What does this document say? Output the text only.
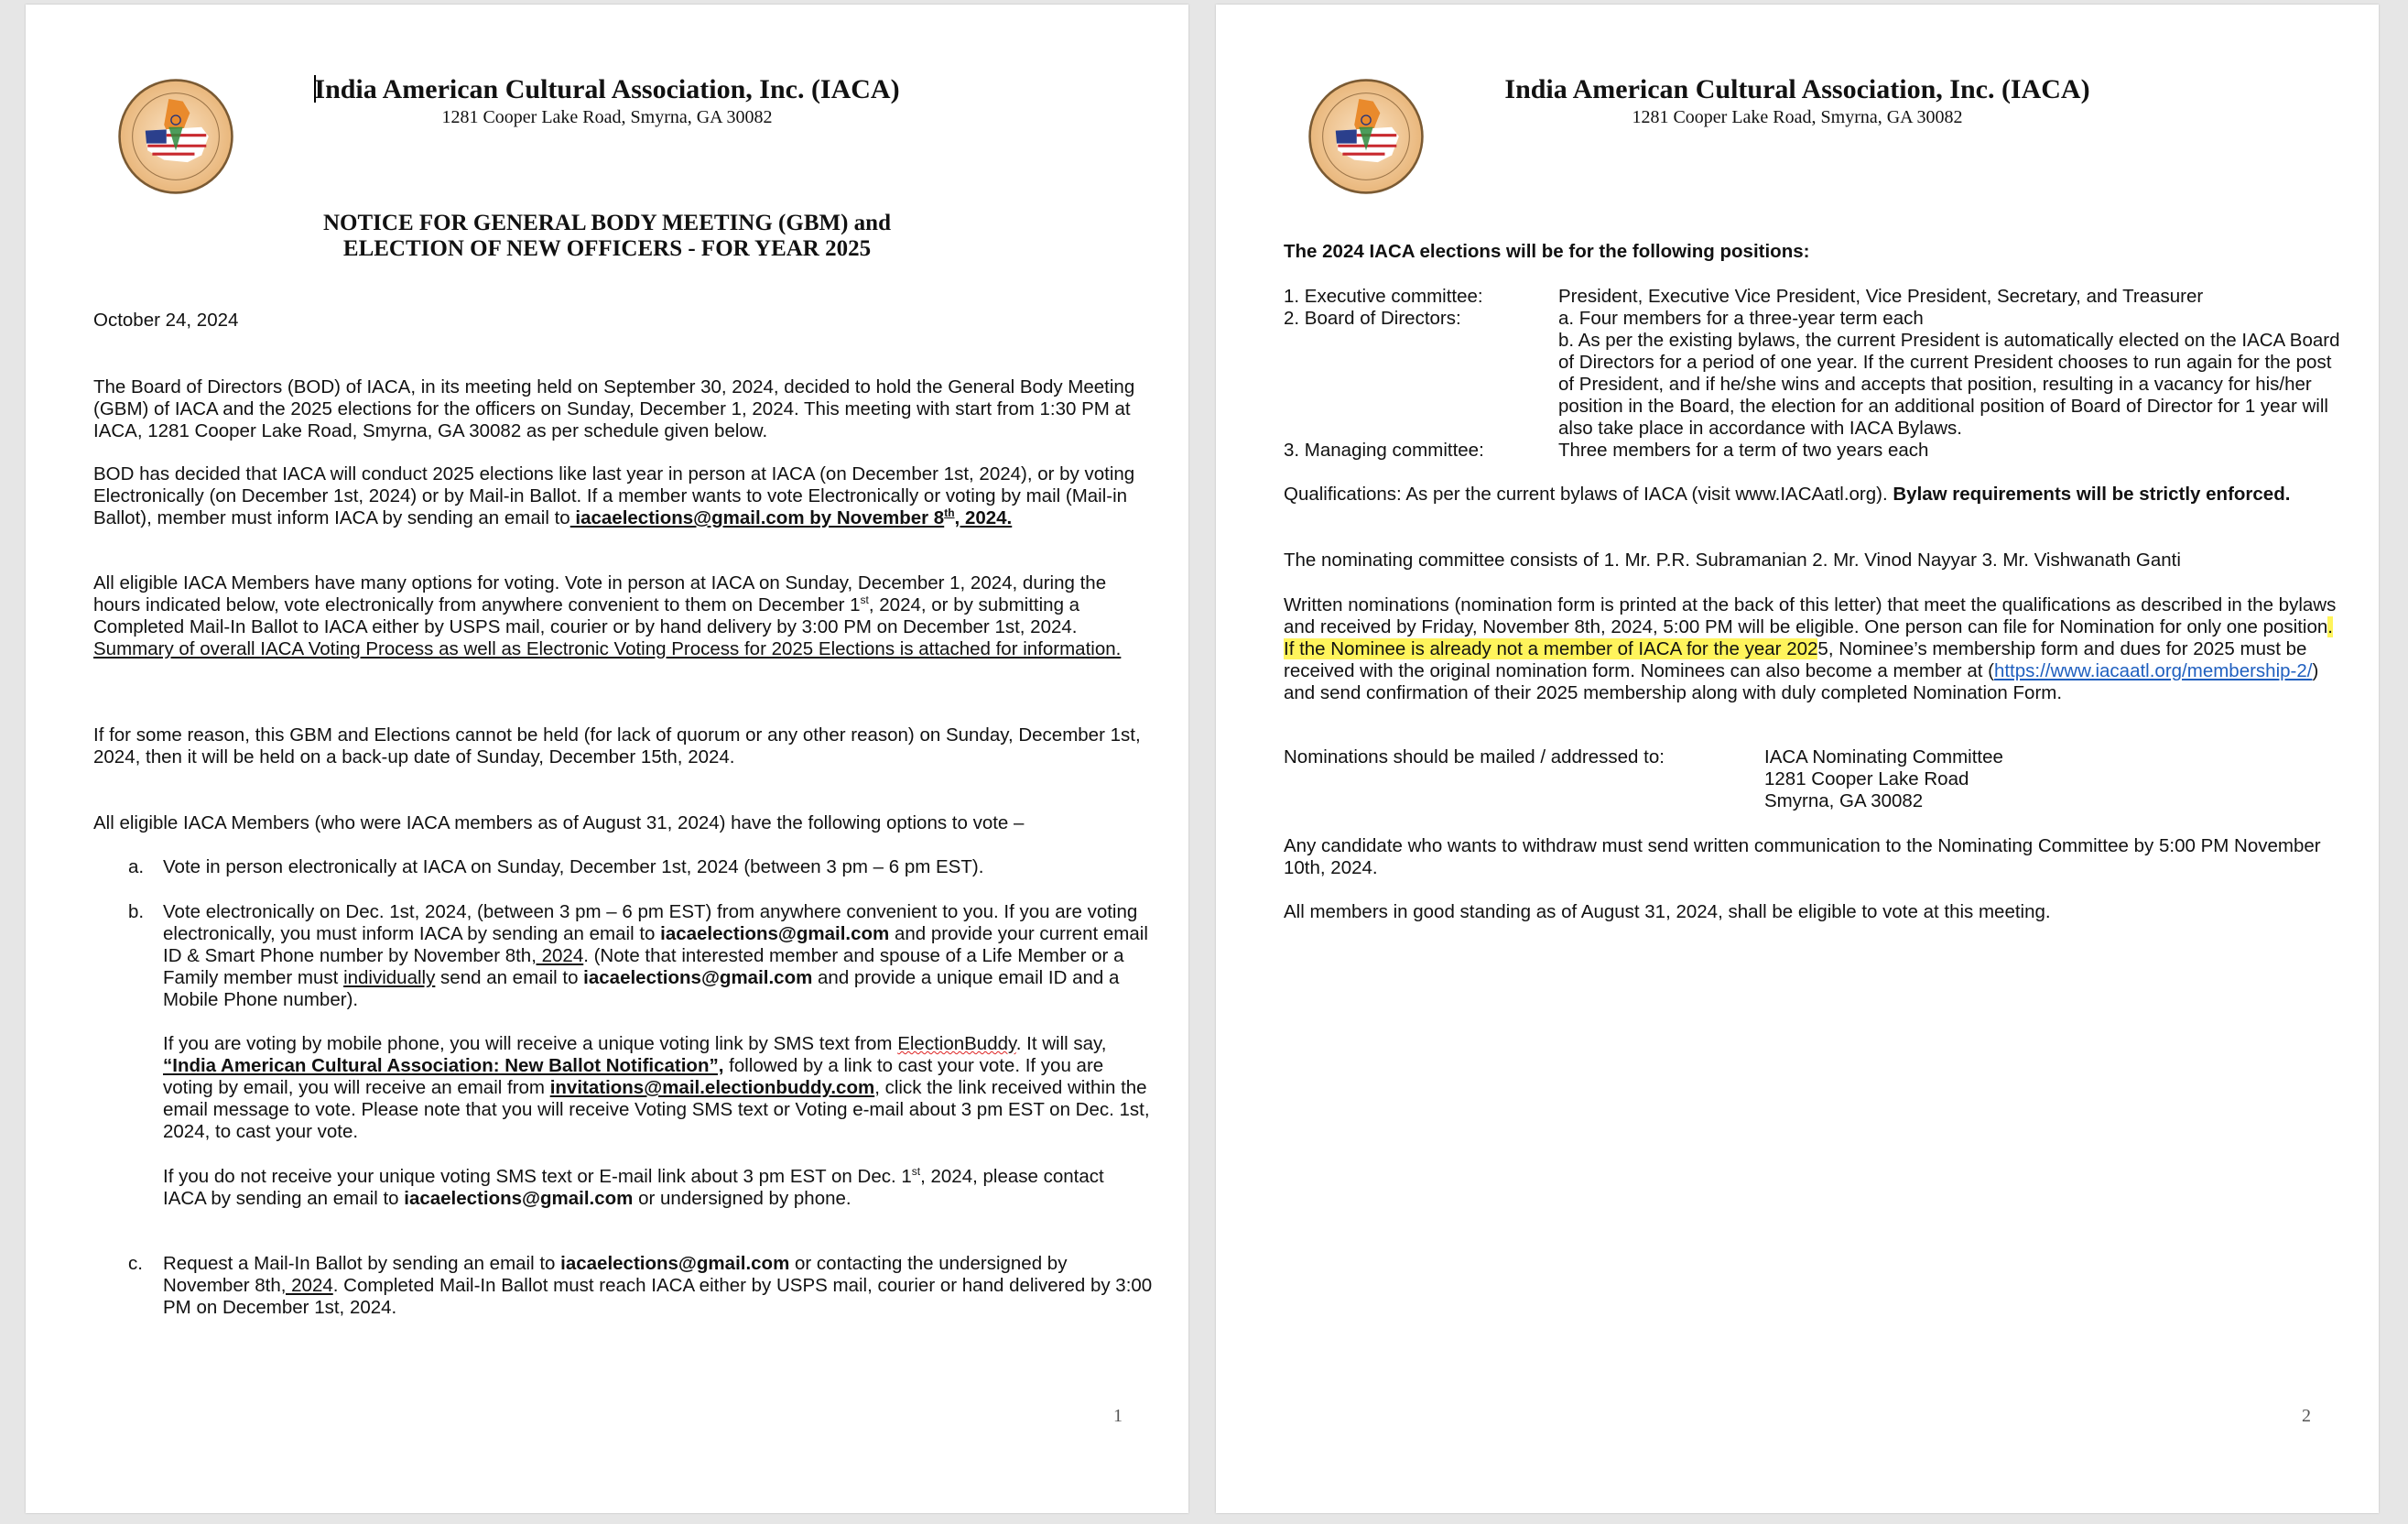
India American Cultural Association, Inc. (IACA)
1281 Cooper Lake Road, Smyrna, GA 30082
NOTICE FOR GENERAL BODY MEETING (GBM) and
ELECTION OF NEW OFFICERS - FOR YEAR 2025
October 24, 2024
The Board of Directors (BOD) of IACA, in its meeting held on September 30, 2024, decided to hold the General Body Meeting (GBM) of IACA and the 2025 elections for the officers on Sunday, December 1, 2024. This meeting with start from 1:30 PM at IACA, 1281 Cooper Lake Road, Smyrna, GA 30082 as per schedule given below.
BOD has decided that IACA will conduct 2025 elections like last year in person at IACA (on December 1st, 2024), or by voting Electronically (on December 1st, 2024) or by Mail-in Ballot. If a member wants to vote Electronically or voting by mail (Mail-in Ballot), member must inform IACA by sending an email to iacaelections@gmail.com by November 8th, 2024.
All eligible IACA Members have many options for voting. Vote in person at IACA on Sunday, December 1, 2024, during the hours indicated below, vote electronically from anywhere convenient to them on December 1st, 2024, or by submitting a Completed Mail-In Ballot to IACA either by USPS mail, courier or by hand delivery by 3:00 PM on December 1st, 2024. Summary of overall IACA Voting Process as well as Electronic Voting Process for 2025 Elections is attached for information.
If for some reason, this GBM and Elections cannot be held (for lack of quorum or any other reason) on Sunday, December 1st, 2024, then it will be held on a back-up date of Sunday, December 15th, 2024.
All eligible IACA Members (who were IACA members as of August 31, 2024) have the following options to vote –
a. Vote in person electronically at IACA on Sunday, December 1st, 2024 (between 3 pm – 6 pm EST).
b. Vote electronically on Dec. 1st, 2024, (between 3 pm – 6 pm EST) from anywhere convenient to you. If you are voting electronically, you must inform IACA by sending an email to iacaelections@gmail.com and provide your current email ID & Smart Phone number by November 8th, 2024. (Note that interested member and spouse of a Life Member or a Family member must individually send an email to iacaelections@gmail.com and provide a unique email ID and a Mobile Phone number).
If you are voting by mobile phone, you will receive a unique voting link by SMS text from ElectionBuddy. It will say, “India American Cultural Association: New Ballot Notification”, followed by a link to cast your vote. If you are voting by email, you will receive an email from invitations@mail.electionbuddy.com, click the link received within the email message to vote. Please note that you will receive Voting SMS text or Voting e-mail about 3 pm EST on Dec. 1st, 2024, to cast your vote.
If you do not receive your unique voting SMS text or E-mail link about 3 pm EST on Dec. 1st, 2024, please contact IACA by sending an email to iacaelections@gmail.com or undersigned by phone.
c. Request a Mail-In Ballot by sending an email to iacaelections@gmail.com or contacting the undersigned by November 8th, 2024. Completed Mail-In Ballot must reach IACA either by USPS mail, courier or hand delivered by 3:00 PM on December 1st, 2024.
1
India American Cultural Association, Inc. (IACA)
1281 Cooper Lake Road, Smyrna, GA 30082
The 2024 IACA elections will be for the following positions:
1. Executive committee:	President, Executive Vice President, Vice President, Secretary, and Treasurer
2. Board of Directors:	a. Four members for a three-year term each
b. As per the existing bylaws, the current President is automatically elected on the IACA Board of Directors for a period of one year. If the current President chooses to run again for the post of President, and if he/she wins and accepts that position, resulting in a vacancy for his/her position in the Board, the election for an additional position of Board of Director for 1 year will also take place in accordance with IACA Bylaws.
3. Managing committee:	Three members for a term of two years each
Qualifications: As per the current bylaws of IACA (visit www.IACAatl.org). Bylaw requirements will be strictly enforced.
The nominating committee consists of 1. Mr. P.R. Subramanian 2. Mr. Vinod Nayyar 3. Mr. Vishwanath Ganti
Written nominations (nomination form is printed at the back of this letter) that meet the qualifications as described in the bylaws and received by Friday, November 8th, 2024, 5:00 PM will be eligible. One person can file for Nomination for only one position. If the Nominee is already not a member of IACA for the year 2025, Nominee’s membership form and dues for 2025 must be received with the original nomination form. Nominees can also become a member at (https://www.iacaatl.org/membership-2/) and send confirmation of their 2025 membership along with duly completed Nomination Form.
Nominations should be mailed / addressed to:	IACA Nominating Committee
1281 Cooper Lake Road
Smyrna, GA 30082
Any candidate who wants to withdraw must send written communication to the Nominating Committee by 5:00 PM November 10th, 2024.
All members in good standing as of August 31, 2024, shall be eligible to vote at this meeting.
2
